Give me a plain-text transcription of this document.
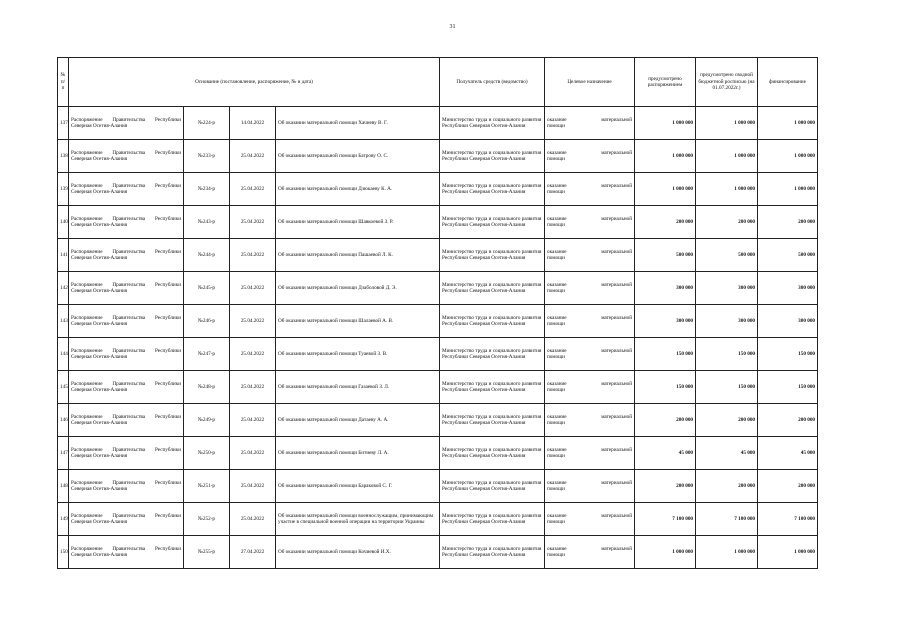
31
№ п/п	Основание (постановление, распоряжение, № и дата)				Получатель средств (ведомство)	Целевое назначение	предусмотрено распоряжением	предусмотрено сводной бюджетной росписью (на 01.07.2022г.)	финансирование
137	Распоряжение Правительства Республики Северная Осетия-Алания	№224-р	14.04.2022	Об оказании материальной помощи Хачиеву В. Г.	Министерство труда и социального развития Республики Северная Осетия-Алания	оказание материальной
помощи	1 000 000	1 000 000	1 000 000
138	Распоряжение Правительства Республики Северная Осетия-Алания	№233-р	25.04.2022	Об оказании материальной помощи Батрову О. С.	Министерство труда и социального развития Республики Северная Осетия-Алания	оказание материальной
помощи	1 000 000	1 000 000	1 000 000
139	Распоряжение Правительства Республики Северная Осетия-Алания	№234-р	25.04.2022	Об оказании материальной помощи Дзюкаеву К. А.	Министерство труда и социального развития Республики Северная Осетия-Алания	оказание материальной
помощи	1 000 000	1 000 000	1 000 000
140	Распоряжение Правительства Республики Северная Осетия-Алания	№243-р	25.04.2022	Об оказании материальной помощи Шавкоевой З. Р.	Министерство труда и социального развития Республики Северная Осетия-Алания	оказание материальной
помощи	200 000	200 000	200 000
141	Распоряжение Правительства Республики Северная Осетия-Алания	№244-р	25.04.2022	Об оказании материальной помощи Пашаевой Л. К.	Министерство труда и социального развития Республики Северная Осетия-Алания	оказание материальной
помощи	500 000	500 000	500 000
142	Распоряжение Правительства Республики Северная Осетия-Алания	№245-р	25.04.2022	Об оказании материальной помощи Дзаболовой Д. Э.	Министерство труда и социального развития Республики Северная Осетия-Алания	оказание материальной
помощи	300 000	300 000	300 000
143	Распоряжение Правительства Республики Северная Осетия-Алания	№246-р	25.04.2022	Об оказании материальной помощи Шалаевой А. В.	Министерство труда и социального развития Республики Северная Осетия-Алания	оказание материальной
помощи	300 000	300 000	300 000
144	Распоряжение Правительства Республики Северная Осетия-Алания	№247-р	25.04.2022	Об оказании материальной помощи Туаевой З. В.	Министерство труда и социального развития Республики Северная Осетия-Алания	оказание материальной
помощи	150 000	150 000	150 000
145	Распоряжение Правительства Республики Северная Осетия-Алания	№248-р	25.04.2022	Об оказании материальной помощи Газаевой З. Л.	Министерство труда и социального развития Республики Северная Осетия-Алания	оказание материальной
помощи	150 000	150 000	150 000
146	Распоряжение Правительства Республики Северная Осетия-Алания	№249-р	25.04.2022	Об оказании материальной помощи Датаеву А. А.	Министерство труда и социального развития Республики Северная Осетия-Алания	оказание материальной
помощи	200 000	200 000	200 000
147	Распоряжение Правительства Республики Северная Осетия-Алания	№250-р	25.04.2022	Об оказании материальной помощи Битиеву Л. А.	Министерство труда и социального развития Республики Северная Осетия-Алания	оказание материальной
помощи	45 000	45 000	45 000
148	Распоряжение Правительства Республики Северная Осетия-Алания	№251-р	25.04.2022	Об оказании материальной помощи Бараковой С. Г.	Министерство труда и социального развития Республики Северная Осетия-Алания	оказание материальной
помощи	200 000	200 000	200 000
149	Распоряжение Правительства Республики Северная Осетия-Алания	№252-р	25.04.2022	Об оказании материальной помощи военнослужащим, принимающим участие в специальной военной операции на территории Украины	Министерство труда и социального развития Республики Северная Осетия-Алания	оказание материальной
помощи	7 100 000	7 100 000	7 100 000
150	Распоряжение Правительства Республики Северная Осетия-Алания	№255-р	27.04.2022	Об оказании материальной помощи Кочиевой И.Х.	Министерство труда и социального развития Республики Северная Осетия-Алания	оказание материальной
помощи	1 000 000	1 000 000	1 000 000
